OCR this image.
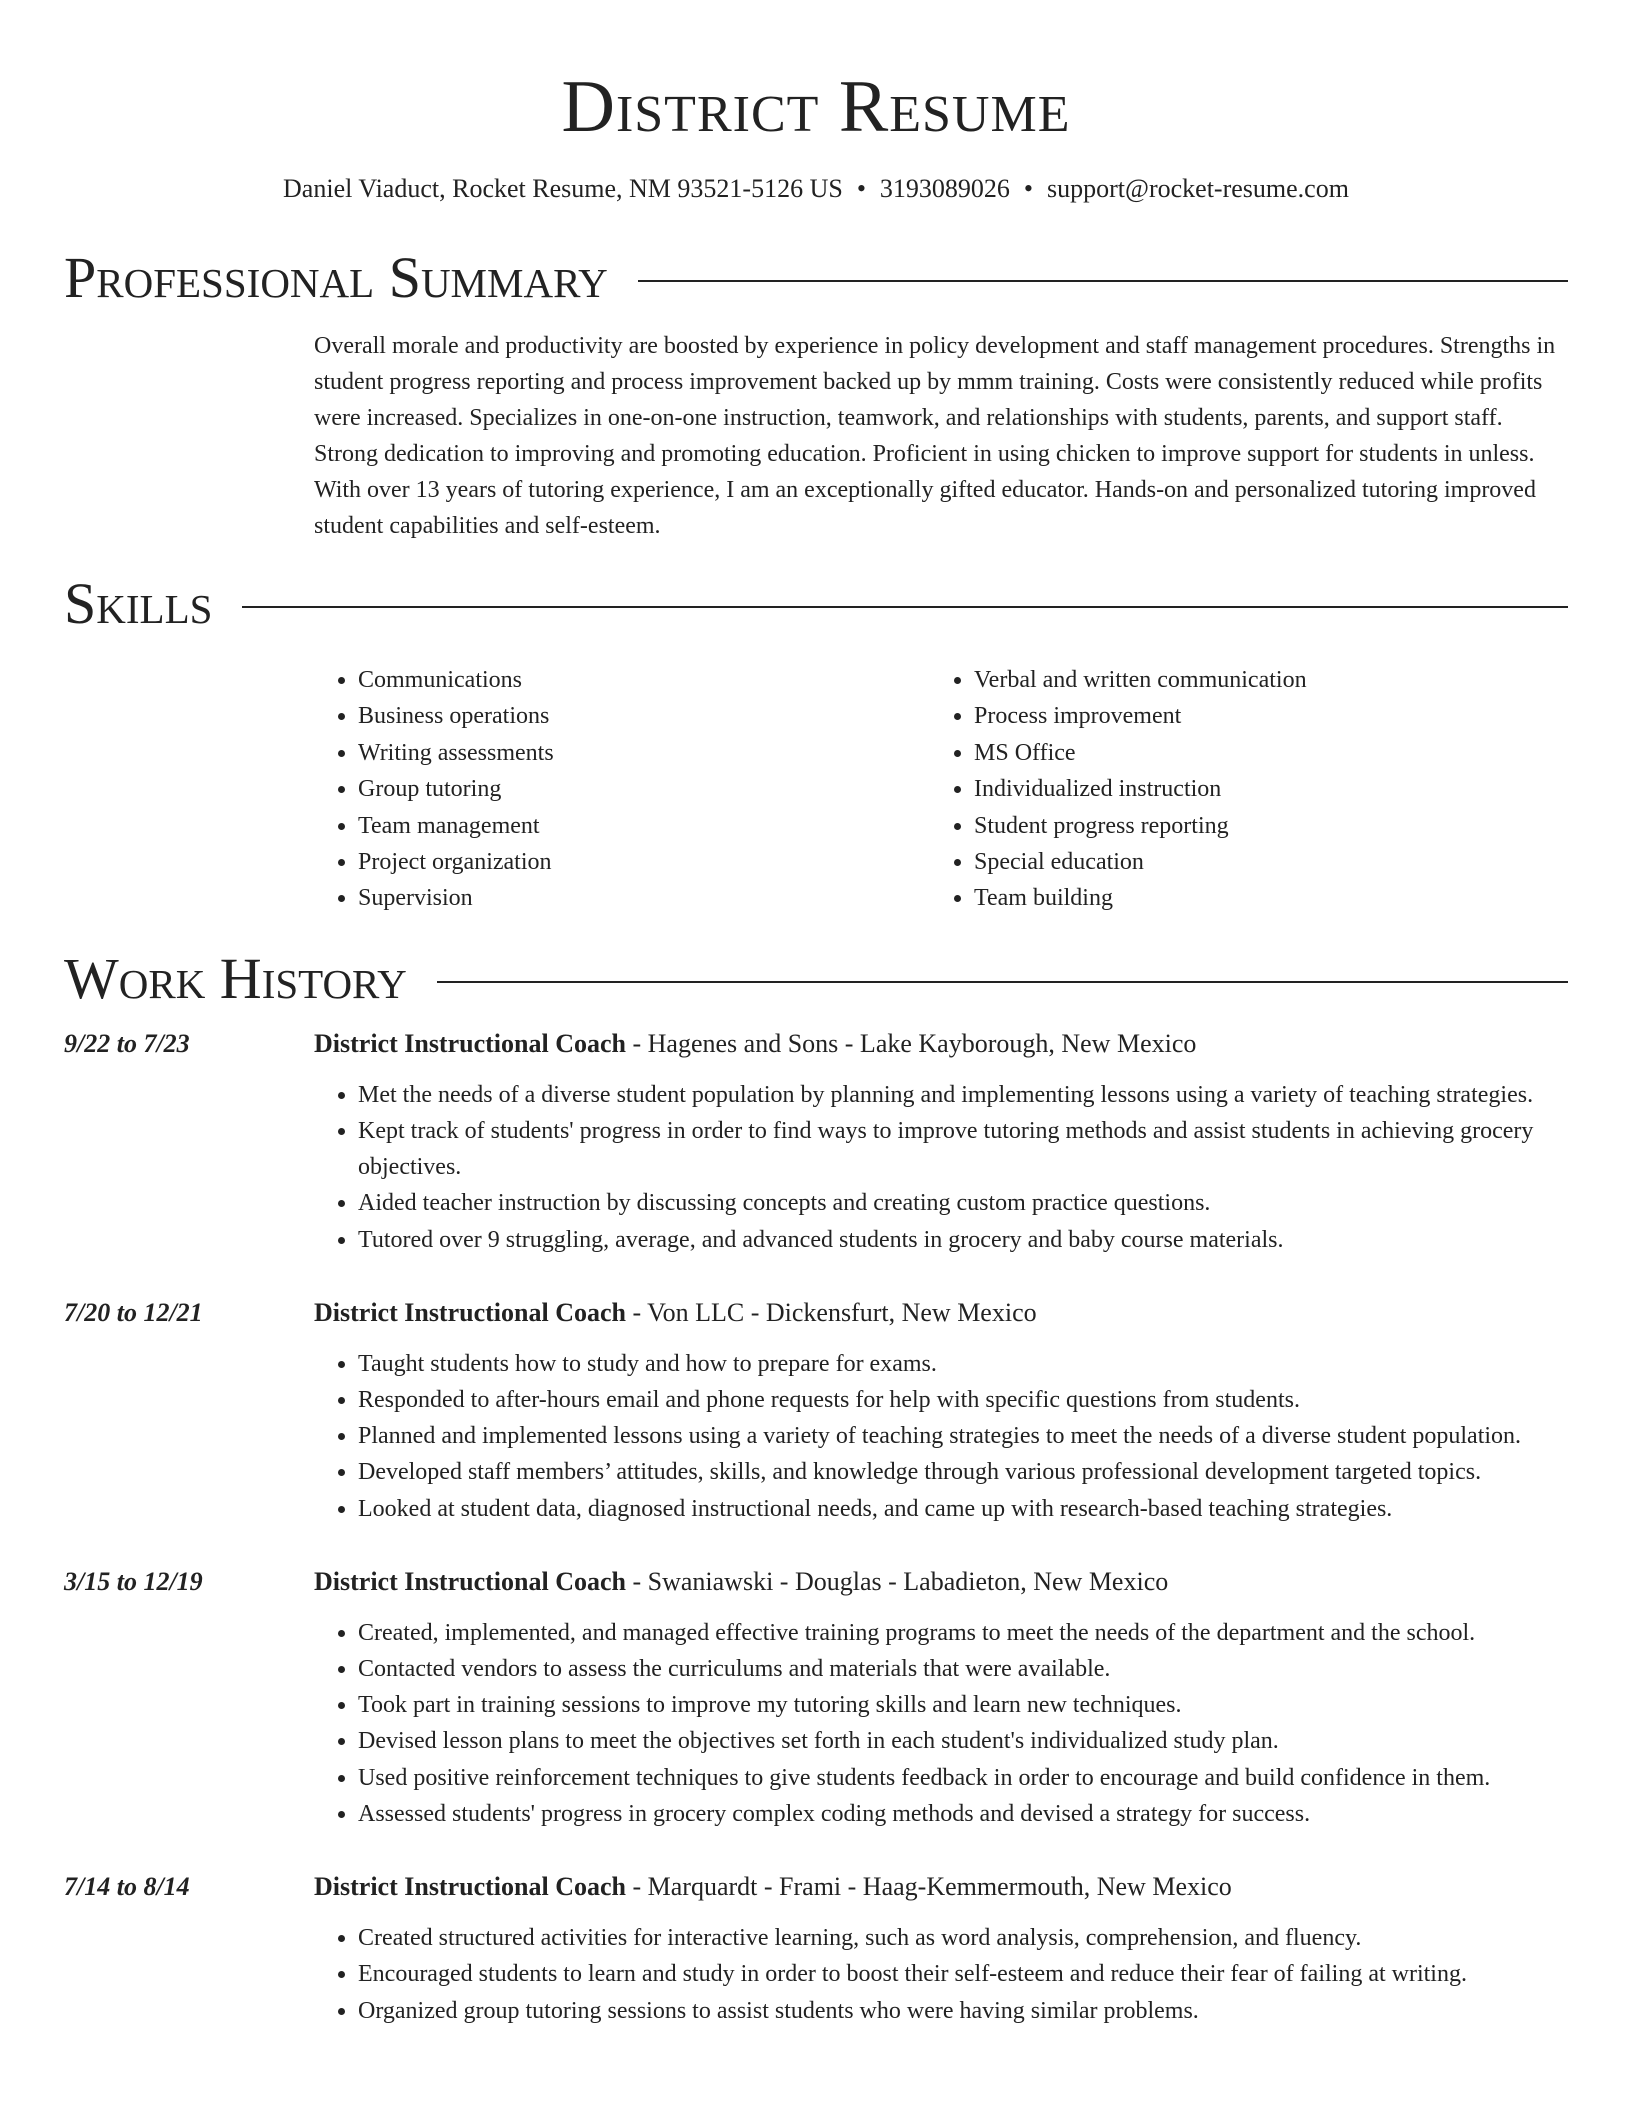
District Resume
Daniel Viaduct, Rocket Resume, NM 93521-5126 US • 3193089026 • support@rocket-resume.com
Professional Summary

Overall morale and productivity are boosted by experience in policy development and staff management procedures. Strengths in student progress reporting and process improvement backed up by mmm training. Costs were consistently reduced while profits were increased. Specializes in one-on-one instruction, teamwork, and relationships with students, parents, and support staff. Strong dedication to improving and promoting education. Proficient in using chicken to improve support for students in unless. With over 13 years of tutoring experience, I am an exceptionally gifted educator. Hands-on and personalized tutoring improved student capabilities and self-esteem.

Skills
• Communications
• Business operations
• Writing assessments
• Group tutoring
• Team management
• Project organization
• Supervision
• Verbal and written communication
• Process improvement
• MS Office
• Individualized instruction
• Student progress reporting
• Special education
• Team building
Work History
9/22 to 7/23	District Instructional Coach - Hagenes and Sons - Lake Kayborough, New Mexico
• Met the needs of a diverse student population by planning and implementing lessons using a variety of teaching strategies.
• Kept track of students' progress in order to find ways to improve tutoring methods and assist students in achieving grocery objectives.
• Aided teacher instruction by discussing concepts and creating custom practice questions.
• Tutored over 9 struggling, average, and advanced students in grocery and baby course materials.
7/20 to 12/21	District Instructional Coach - Von LLC - Dickensfurt, New Mexico
• Taught students how to study and how to prepare for exams.
• Responded to after-hours email and phone requests for help with specific questions from students.
• Planned and implemented lessons using a variety of teaching strategies to meet the needs of a diverse student population.
• Developed staff members’ attitudes, skills, and knowledge through various professional development targeted topics.
• Looked at student data, diagnosed instructional needs, and came up with research-based teaching strategies.
3/15 to 12/19	District Instructional Coach - Swaniawski - Douglas - Labadieton, New Mexico
• Created, implemented, and managed effective training programs to meet the needs of the department and the school.
• Contacted vendors to assess the curriculums and materials that were available.
• Took part in training sessions to improve my tutoring skills and learn new techniques.
• Devised lesson plans to meet the objectives set forth in each student's individualized study plan.
• Used positive reinforcement techniques to give students feedback in order to encourage and build confidence in them.
• Assessed students' progress in grocery complex coding methods and devised a strategy for success.
7/14 to 8/14	District Instructional Coach - Marquardt - Frami - Haag-Kemmermouth, New Mexico
• Created structured activities for interactive learning, such as word analysis, comprehension, and fluency.
• Encouraged students to learn and study in order to boost their self-esteem and reduce their fear of failing at writing.
• Organized group tutoring sessions to assist students who were having similar problems.
